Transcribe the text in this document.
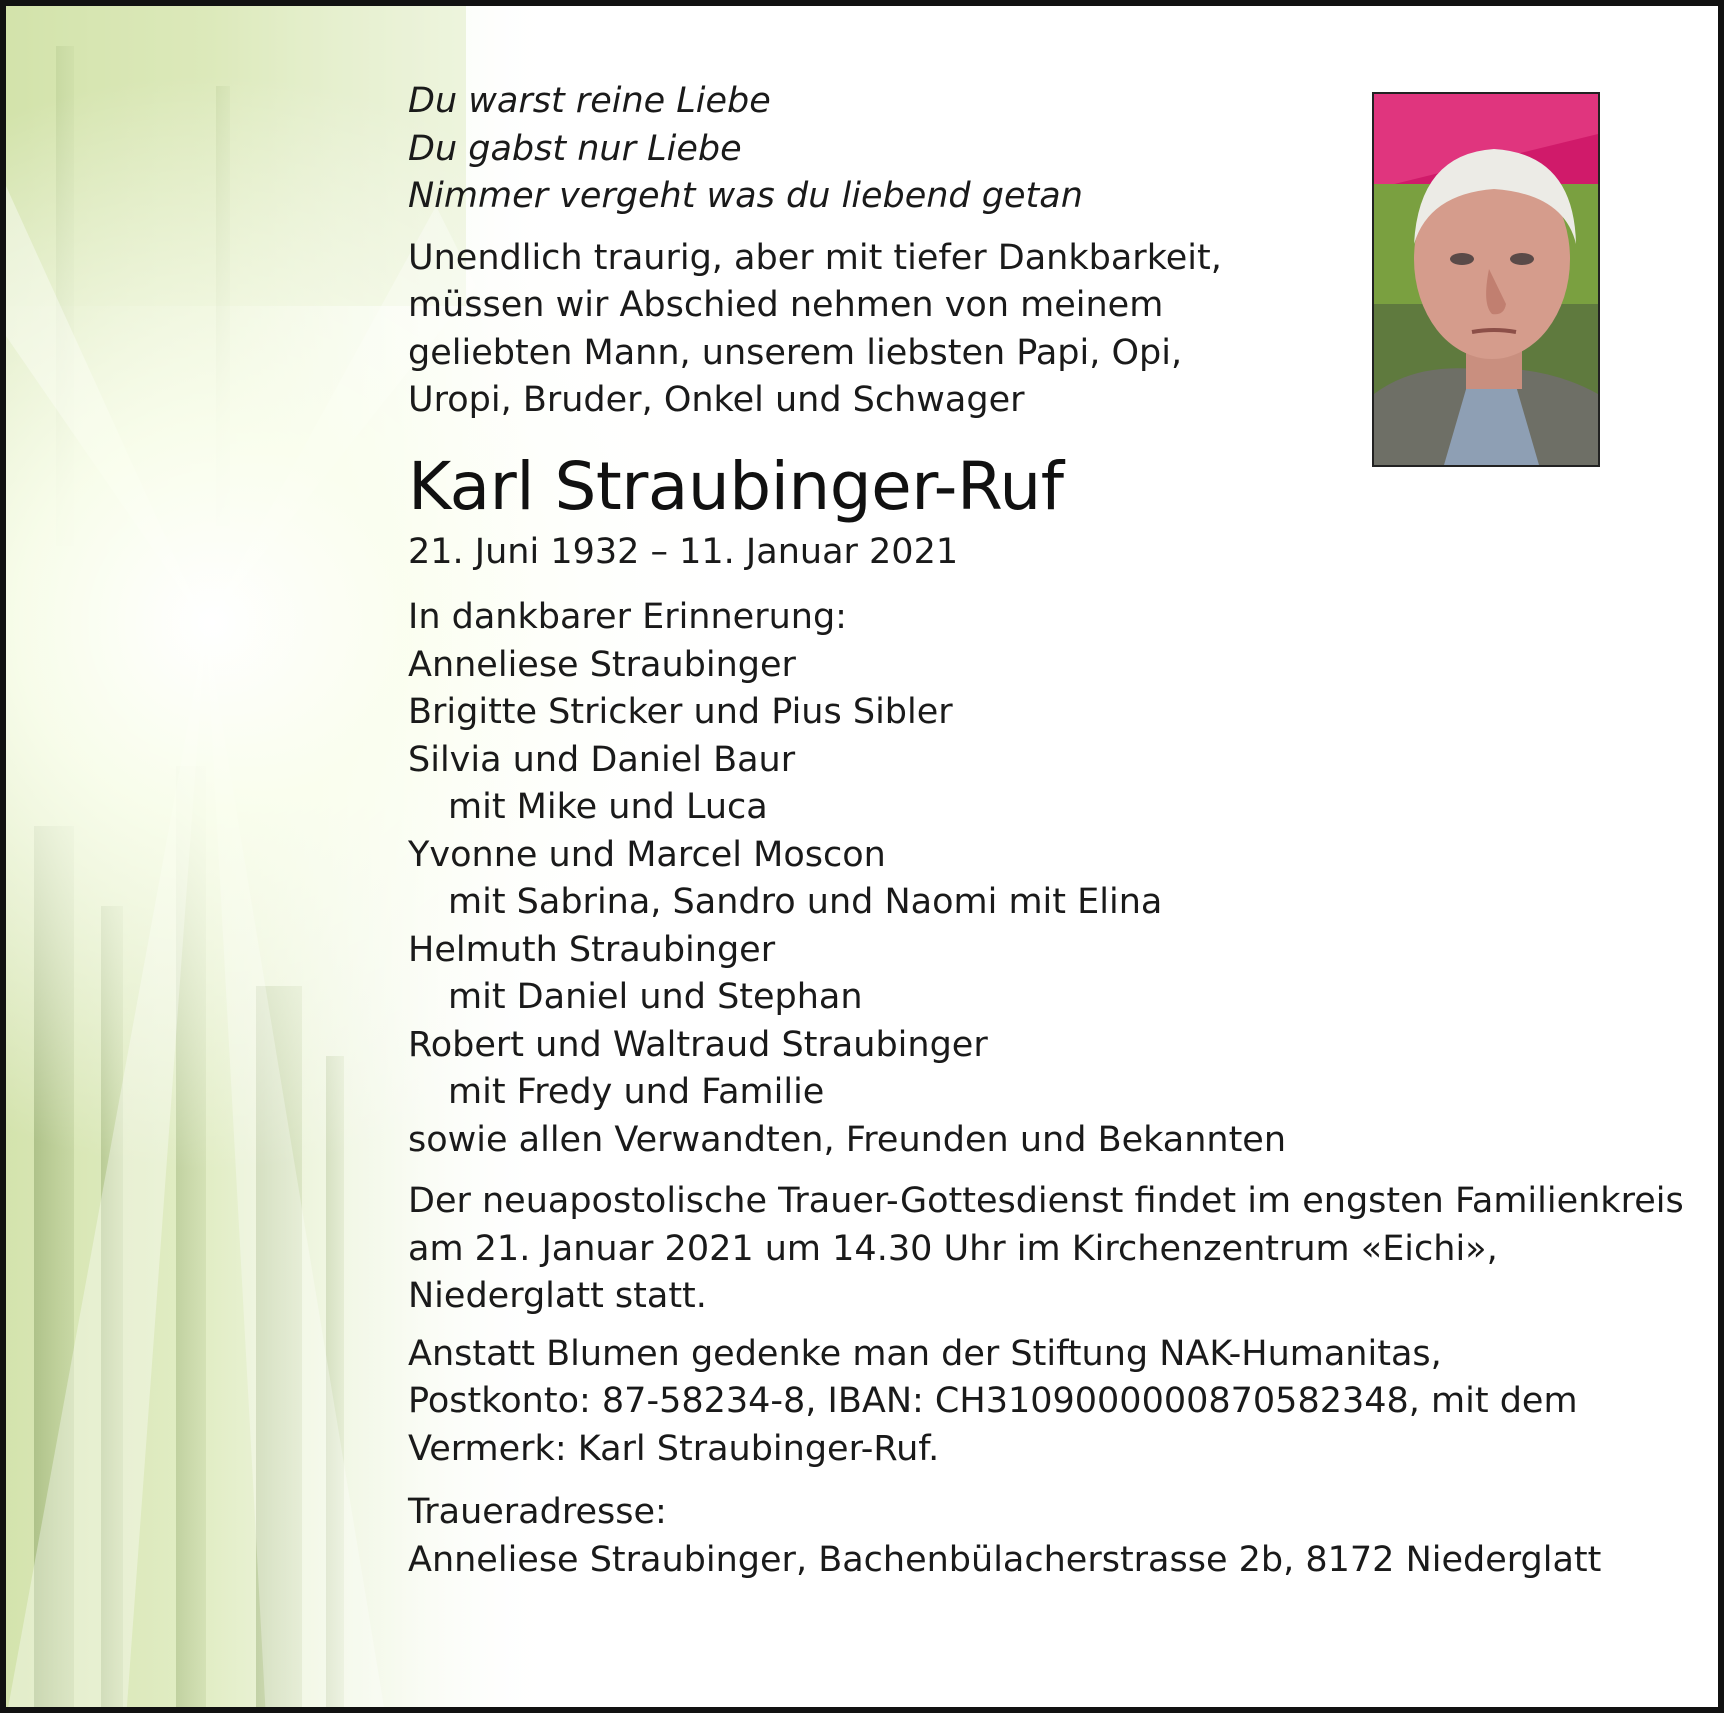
Du warst reine Liebe
Du gabst nur Liebe
Nimmer vergeht was du liebend getan
Unendlich traurig, aber mit tiefer Dankbarkeit,
müssen wir Abschied nehmen von meinem
geliebten Mann, unserem liebsten Papi, Opi,
Uropi, Bruder, Onkel und Schwager
Karl Straubinger-Ruf
21. Juni 1932 – 11. Januar 2021
In dankbarer Erinnerung:
Anneliese Straubinger
Brigitte Stricker und Pius Sibler
Silvia und Daniel Baur
mit Mike und Luca
Yvonne und Marcel Moscon
mit Sabrina, Sandro und Naomi mit Elina
Helmuth Straubinger
mit Daniel und Stephan
Robert und Waltraud Straubinger
mit Fredy und Familie
sowie allen Verwandten, Freunden und Bekannten
Der neuapostolische Trauer-Gottesdienst findet im engsten Familienkreis
am 21. Januar 2021 um 14.30 Uhr im Kirchenzentrum «Eichi»,
Niederglatt statt.
Anstatt Blumen gedenke man der Stiftung NAK-Humanitas,
Postkonto: 87-58234-8, IBAN: CH3109000000870582348, mit dem
Vermerk: Karl Straubinger-Ruf.
Traueradresse:
Anneliese Straubinger, Bachenbülacherstrasse 2b, 8172 Niederglatt
